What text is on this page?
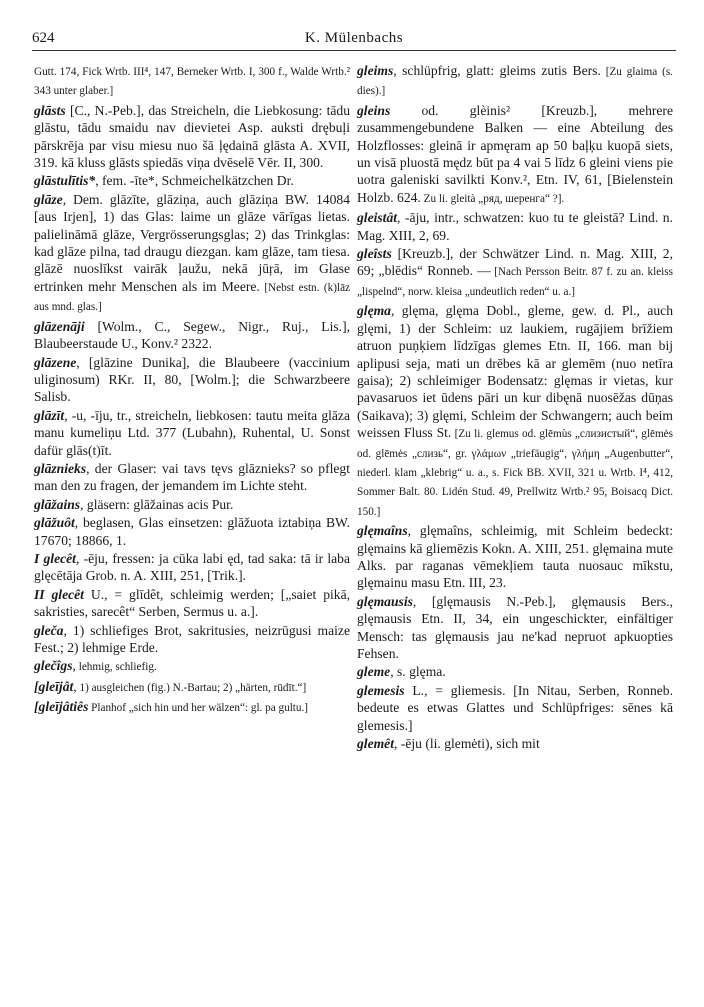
624	K. Mülenbachs

Gutt. 174, Fick Wrtb. III⁴, 147, Berneker Wrtb. I, 300 f., Walde Wrtb.² 343 unter glaber.]

glāsts [C., N.-Peb.], das Streicheln, die Liebkosung: tādu glāstu, tādu smaidu nav dievietei Asp. auksti drębuļi pārskrēja par visu miesu nuo šā ļędainā glāsta A. XVII, 319. kā kluss glāsts spiedās viņa dvēselē Vēr. II, 300.

glāstulītis*, fem. -īte*, Schmeichelkätzchen Dr.

glāze, Dem. glāzīte, glāziņa, auch glāziņa BW. 14084 [aus Irjen], 1) das Glas: laime un glāze vārīgas lietas. palielināmā glāze, Vergrösserungsglas; 2) das Trinkglas: kad glāze pilna, tad draugu diezgan. kam glāze, tam tiesa. glāzē nuoslīkst vairāk ļaužu, nekā jūŗā, im Glase ertrinken mehr Menschen als im Meere. [Nebst estn. (k)lāz aus mnd. glas.]

glāzenāji [Wolm., C., Segew., Nigr., Ruj., Lis.], Blaubeerstaude U., Konv.² 2322.

glāzene, [glāzine Dunika], die Blaubeere (vaccinium uliginosum) RKr. II, 80, [Wolm.]; die Schwarzbeere Salisb.

glāzīt, -u, -īju, tr., streicheln, liebkosen: tautu meita glāza manu kumeliņu Ltd. 377 (Lubahn), Ruhental, U. Sonst dafür glās(t)īt.

glāznieks, der Glaser: vai tavs tęvs glāznieks? so pflegt man den zu fragen, der jemandem im Lichte steht.

glāžains, gläsern: glāžainas acis Pur.

glāžuôt, beglasen, Glas einsetzen: glāžuota iztabiņa BW. 17670; 18866, 1.

I glecêt, -ēju, fressen: ja cūka labi ęd, tad saka: tā ir laba glęcētāja Grob. n. A. XIII, 251, [Trik.].

II glecêt U., = glīdêt, schleimig werden; [„saiet pikā, sakristies, sarecêt“ Serben, Sermus u. a.].

gleča, 1) schliefiges Brot, sakritusies, neizrūgusi maize Fest.; 2) lehmige Erde.

glečîgs, lehmig, schliefig.

[gleījât, 1) ausgleichen (fig.) N.-Bartau; 2) „härten, rūdīt.“]

[gleījâtiês Planhof „sich hin und her wälzen“: gl. pa gultu.]

gleims, schlüpfrig, glatt: gleims zutis Bers. [Zu glaima (s. dies).]

gleins od. glèinis² [Kreuzb.], mehrere zusammengebundene Balken — eine Abteilung des Holzflosses: gleinā ir apmęram ap 50 baļķu kuopā siets, un visā pluostā mędz būt pa 4 vai 5 līdz 6 gleini viens pie uotra galeniski savilkti Konv.², Etn. IV, 61, [Bielenstein Holzb. 624. Zu li. gleità „ряд, шеренга“ ?].

gleistât, -āju, intr., schwatzen: kuo tu te gleistā? Lind. n. Mag. XIII, 2, 69.

gleîsts [Kreuzb.], der Schwätzer Lind. n. Mag. XIII, 2, 69; „blēdis“ Ronneb. — [Nach Persson Beitr. 87 f. zu an. kleiss „lispelnd“, norw. kleisa „undeutlich reden“ u. a.]

glęma, glęma, glęma Dobl., gleme, gew. d. Pl., auch glęmi, 1) der Schleim: uz laukiem, rugājiem brīžiem atruon puņķiem līdzīgas glemes Etn. II, 166. man bij aplipusi seja, mati un drēbes kā ar glemēm (nuo netīra gaisa); 2) schleimiger Bodensatz: glęmas ir vietas, kur pavasaruos iet ūdens pāri un kur dibęnā nuosēžas dūņas (Saikava); 3) glęmi, Schleim der Schwangern; auch beim weissen Fluss St. [Zu li. glemus od. glēmùs „слизистый“, glēmės od. glēmės „слизь“, gr. γλάμων „triefäugig“, γλήμη „Augenbutter“, niederl. klam „klebrig“ u. a., s. Fick BB. XVII, 321 u. Wrtb. I⁴, 412, Sommer Balt. 80. Lidén Stud. 49, Prellwitz Wrtb.² 95, Boisacq Dict. 150.]

glęmaîns, glęmaîns, schleimig, mit Schleim bedeckt: glęmains kā gliemēzis Kokn. A. XIII, 251. glęmaina mute Alks. par raganas vēmekļiem tauta nuosauc mīkstu, glęmainu masu Etn. III, 23.

glęmausis, [glęmausis N.-Peb.], glęmausis Bers., glęmausis Etn. II, 34, ein ungeschickter, einfältiger Mensch: tas glęmausis jau ne'kad nepruot apkuopties Fehsen.

gleme, s. glęma.

glemesis L., = gliemesis. [In Nitau, Serben, Ronneb. bedeute es etwas Glattes und Schlüpfriges: sēnes kā glemesis.]

glemêt, -ēju (li. glemėti), sich mit
